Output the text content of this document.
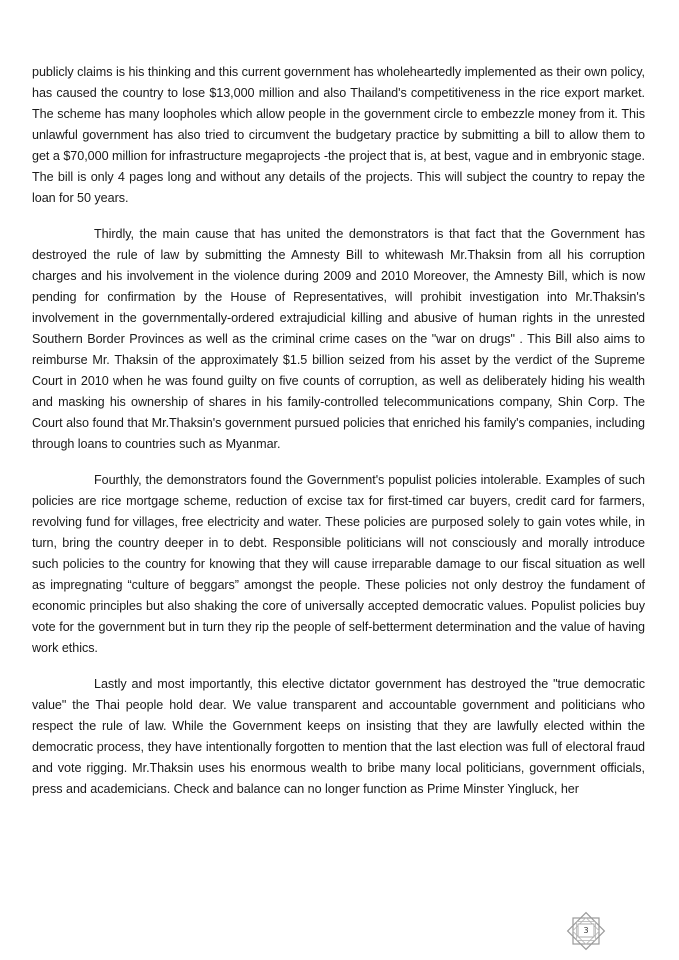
publicly claims is his thinking and this current government has wholeheartedly implemented as their own policy, has caused the country to lose $13,000 million and also Thailand's competitiveness in the rice export market. The scheme has many loopholes which allow people in the government circle to embezzle money from it. This unlawful government has also tried to circumvent the budgetary practice by submitting a bill to allow them to get a $70,000 million for infrastructure megaprojects -the project that is, at best, vague and in embryonic stage. The bill is only 4 pages long and without any details of the projects. This will subject the country to repay the loan for 50 years.

Thirdly, the main cause that has united the demonstrators is that fact that the Government has destroyed the rule of law by submitting the Amnesty Bill to whitewash Mr.Thaksin from all his corruption charges and his involvement in the violence during 2009 and 2010 Moreover, the Amnesty Bill, which is now pending for confirmation by the House of Representatives, will prohibit investigation into Mr.Thaksin's involvement in the governmentally-ordered extrajudicial killing and abusive of human rights in the unrested Southern Border Provinces as well as the criminal crime cases on the "war on drugs" . This Bill also aims to reimburse Mr. Thaksin of the approximately $1.5 billion seized from his asset by the verdict of the Supreme Court in 2010 when he was found guilty on five counts of corruption, as well as deliberately hiding his wealth and masking his ownership of shares in his family-controlled telecommunications company, Shin Corp. The Court also found that Mr.Thaksin's government pursued policies that enriched his family's companies, including through loans to countries such as Myanmar.

Fourthly, the demonstrators found the Government's populist policies intolerable. Examples of such policies are rice mortgage scheme, reduction of excise tax for first-timed car buyers, credit card for farmers, revolving fund for villages, free electricity and water. These policies are purposed solely to gain votes while, in turn, bring the country deeper in to debt. Responsible politicians will not consciously and morally introduce such policies to the country for knowing that they will cause irreparable damage to our fiscal situation as well as impregnating “culture of beggars” amongst the people. These policies not only destroy the fundament of economic principles but also shaking the core of universally accepted democratic values. Populist policies buy vote for the government but in turn they rip the people of self-betterment determination and the value of having work ethics.

Lastly and most importantly, this elective dictator government has destroyed the "true democratic value" the Thai people hold dear. We value transparent and accountable government and politicians who respect the rule of law. While the Government keeps on insisting that they are lawfully elected within the democratic process, they have intentionally forgotten to mention that the last election was full of electoral fraud and vote rigging. Mr.Thaksin uses his enormous wealth to bribe many local politicians, government officials, press and academicians. Check and balance can no longer function as Prime Minster Yingluck, her

3
